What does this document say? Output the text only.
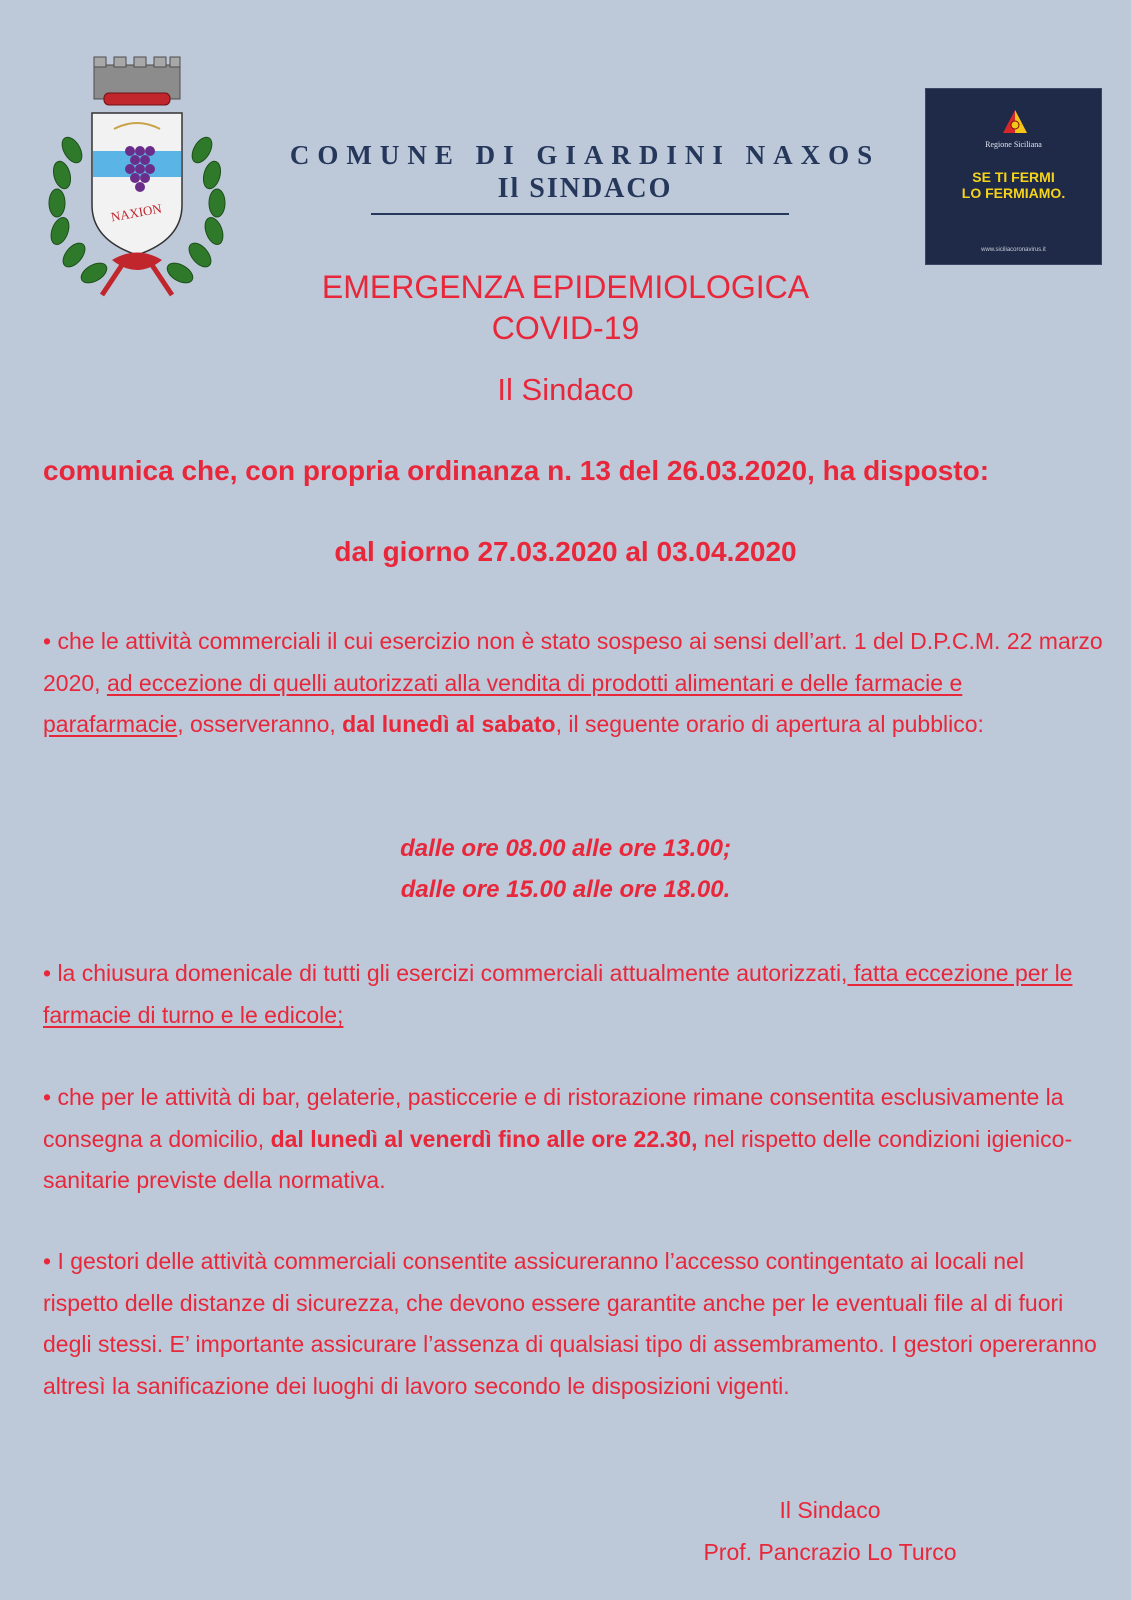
NAXION
COMUNE DI GIARDINI NAXOS
Il SINDACO
Regione Siciliana
SE TI FERMI
LO FERMIAMO.
www.siciliacoronavirus.it
EMERGENZA EPIDEMIOLOGICA
COVID-19
Il Sindaco
comunica che, con propria ordinanza n. 13 del 26.03.2020, ha disposto:
dal giorno 27.03.2020 al 03.04.2020
• che le attività commerciali il cui esercizio non è stato sospeso ai sensi dell’art. 1 del D.P.C.M. 22 marzo 2020, ad eccezione di quelli autorizzati alla vendita di prodotti alimentari e delle farmacie e parafarmacie, osserveranno, dal lunedì al sabato, il seguente orario di apertura al pubblico:
dalle ore 08.00 alle ore 13.00;
dalle ore 15.00 alle ore 18.00.
• la chiusura domenicale di tutti gli esercizi commerciali attualmente autorizzati, fatta eccezione per le farmacie di turno e le edicole;
• che per le attività di bar, gelaterie, pasticcerie e di ristorazione rimane consentita esclusivamente la consegna a domicilio, dal lunedì al venerdì fino alle ore 22.30, nel rispetto delle condizioni igienico-sanitarie previste della normativa.
• I gestori delle attività commerciali consentite assicureranno l’accesso contingentato ai locali nel rispetto delle distanze di sicurezza, che devono essere garantite anche per le eventuali file al di fuori degli stessi. E’ importante assicurare l’assenza di qualsiasi tipo di assembramento. I gestori opereranno altresì la sanificazione dei luoghi di lavoro secondo le disposizioni vigenti.
Il Sindaco
Prof. Pancrazio Lo Turco
